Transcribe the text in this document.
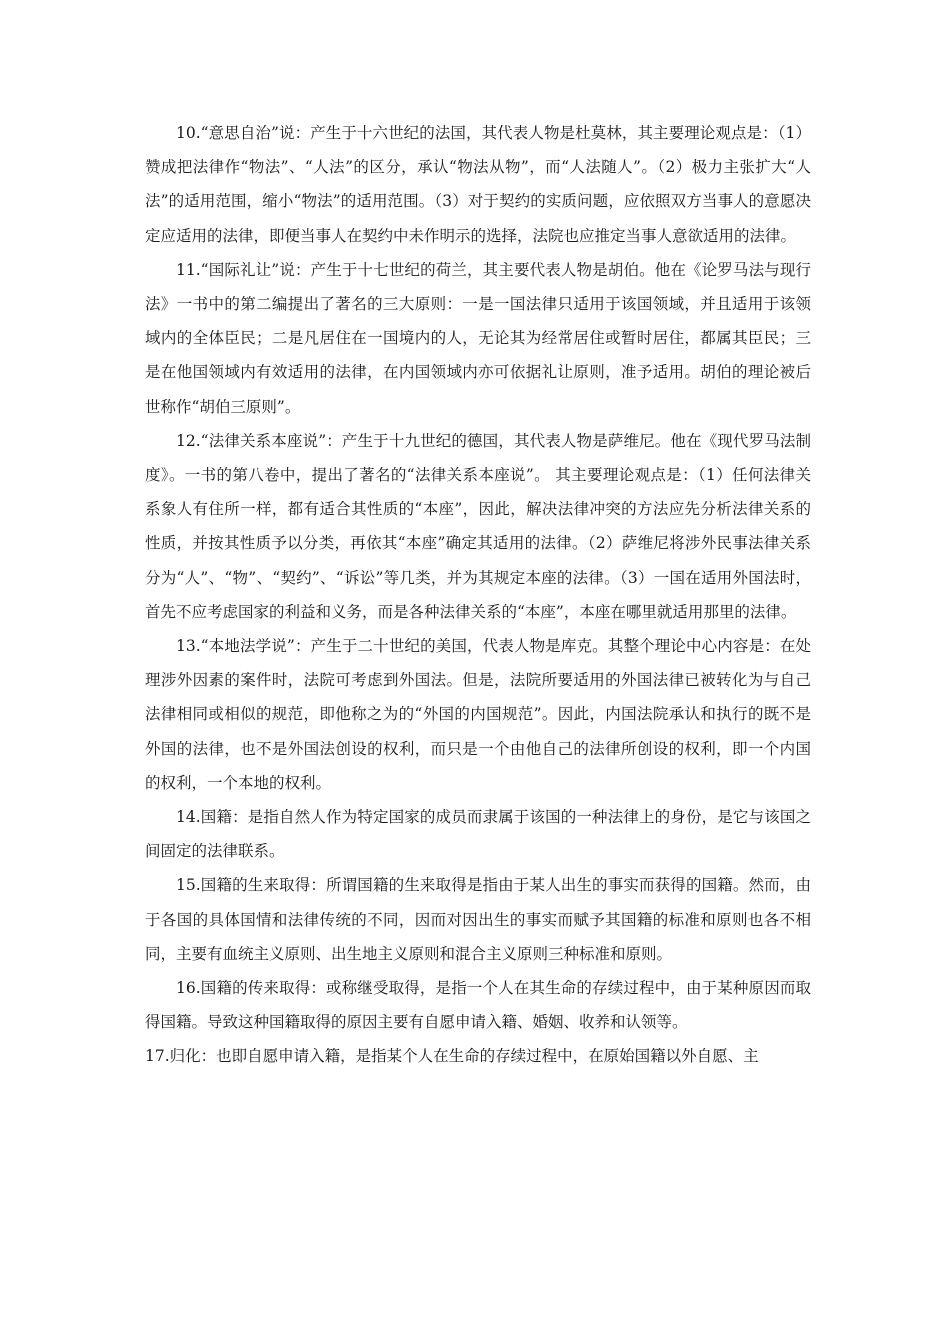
10.“意思自治”说：产生于十六世纪的法国，其代表人物是杜莫林，其主要理论观点是：（1）赞成把法律作“物法”、“人法”的区分，承认“物法从物”，而“人法随人”。（2）极力主张扩大“人法”的适用范围，缩小“物法”的适用范围。（3）对于契约的实质问题，应依照双方当事人的意愿决定应适用的法律，即便当事人在契约中未作明示的选择，法院也应推定当事人意欲适用的法律。

11.“国际礼让”说：产生于十七世纪的荷兰，其主要代表人物是胡伯。他在《论罗马法与现行法》一书中的第二编提出了著名的三大原则：一是一国法律只适用于该国领域，并且适用于该领域内的全体臣民；二是凡居住在一国境内的人，无论其为经常居住或暂时居住，都属其臣民；三是在他国领域内有效适用的法律，在内国领域内亦可依据礼让原则，准予适用。胡伯的理论被后世称作“胡伯三原则”。

12.“法律关系本座说”：产生于十九世纪的德国，其代表人物是萨维尼。他在《现代罗马法制度》。一书的第八卷中，提出了著名的“法律关系本座说”。 其主要理论观点是：（1）任何法律关系象人有住所一样，都有适合其性质的“本座”，因此，解决法律冲突的方法应先分析法律关系的性质，并按其性质予以分类，再依其“本座”确定其适用的法律。（2）萨维尼将涉外民事法律关系分为“人”、“物”、“契约”、“诉讼”等几类，并为其规定本座的法律。（3）一国在适用外国法时，首先不应考虑国家的利益和义务，而是各种法律关系的“本座”，本座在哪里就适用那里的法律。

13.“本地法学说”：产生于二十世纪的美国，代表人物是库克。其整个理论中心内容是：在处理涉外因素的案件时，法院可考虑到外国法。但是，法院所要适用的外国法律已被转化为与自己法律相同或相似的规范，即他称之为的“外国的内国规范”。因此，内国法院承认和执行的既不是外国的法律，也不是外国法创设的权利，而只是一个由他自己的法律所创设的权利，即一个内国的权利，一个本地的权利。

14.国籍：是指自然人作为特定国家的成员而隶属于该国的一种法律上的身份，是它与该国之间固定的法律联系。

15.国籍的生来取得：所谓国籍的生来取得是指由于某人出生的事实而获得的国籍。然而，由于各国的具体国情和法律传统的不同，因而对因出生的事实而赋予其国籍的标准和原则也各不相同，主要有血统主义原则、出生地主义原则和混合主义原则三种标准和原则。

16.国籍的传来取得：或称继受取得，是指一个人在其生命的存续过程中，由于某种原因而取得国籍。导致这种国籍取得的原因主要有自愿申请入籍、婚姻、收养和认领等。

17.归化：也即自愿申请入籍，是指某个人在生命的存续过程中，在原始国籍以外自愿、主
